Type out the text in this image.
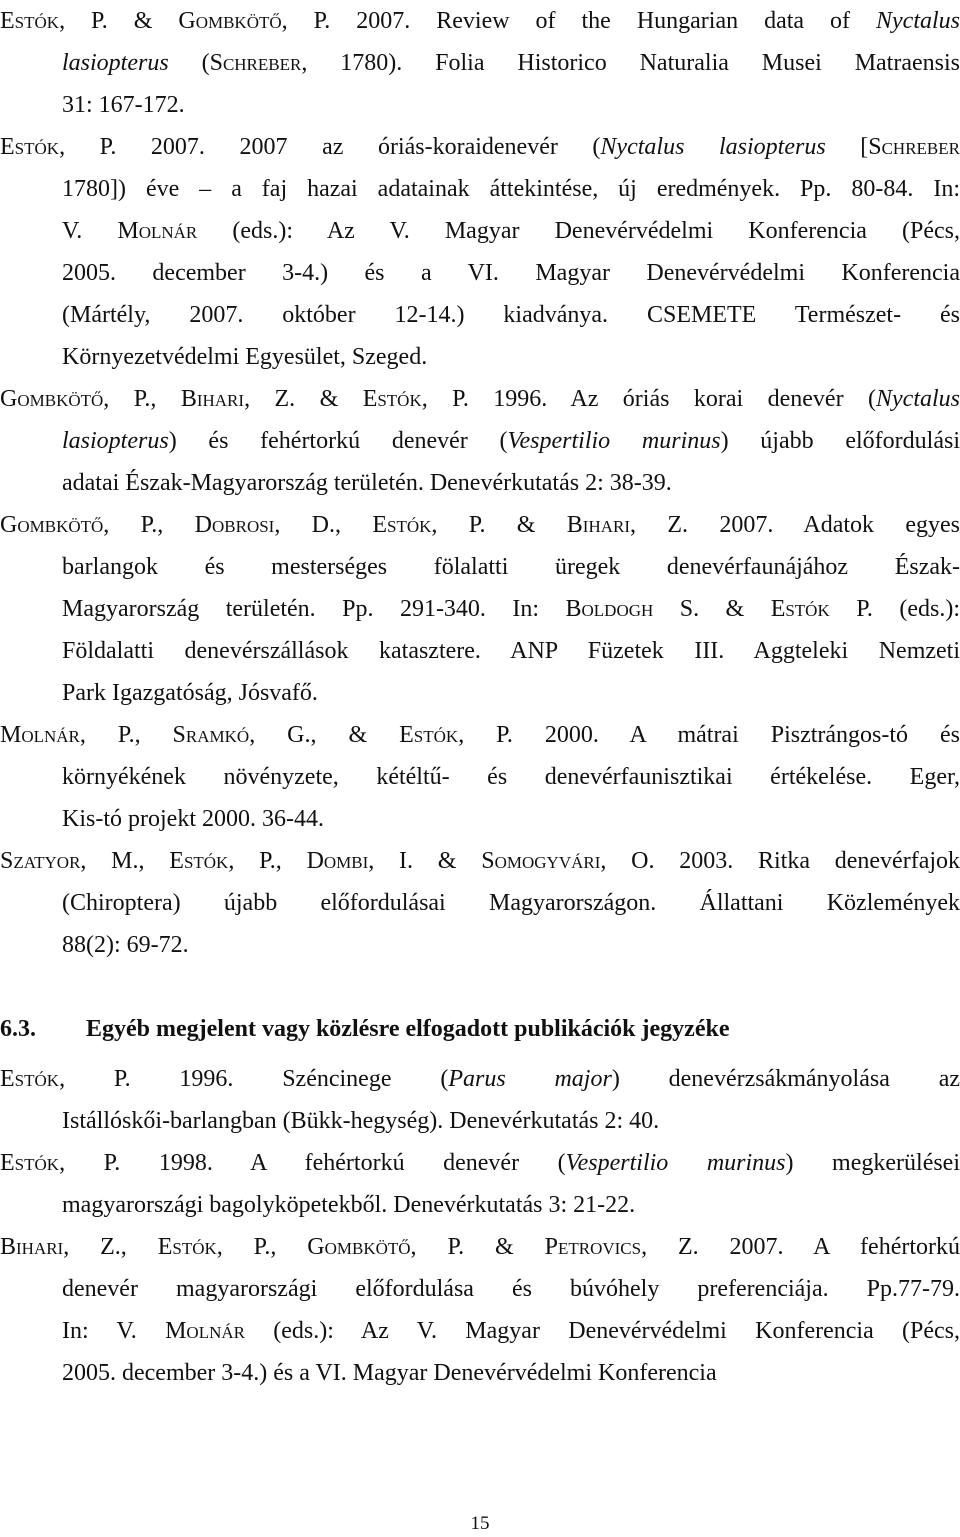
Estók, P. & Gombkötő, P. 2007. Review of the Hungarian data of Nyctalus
lasiopterus (Schreber, 1780). Folia Historico Naturalia Musei Matraensis
31: 167-172.
Estók, P. 2007. 2007 az óriás-koraidenevér (Nyctalus lasiopterus [Schreber
1780]) éve – a faj hazai adatainak áttekintése, új eredmények. Pp. 80-84. In:
V. Molnár (eds.): Az V. Magyar Denevérvédelmi Konferencia (Pécs,
2005. december 3-4.) és a VI. Magyar Denevérvédelmi Konferencia
(Mártély, 2007. október 12-14.) kiadványa. CSEMETE Természet- és
Környezetvédelmi Egyesület, Szeged.
Gombkötő, P., Bihari, Z. & Estók, P. 1996. Az óriás korai denevér (Nyctalus
lasiopterus) és fehértorkú denevér (Vespertilio murinus) újabb előfordulási
adatai Észak-Magyarország területén. Denevérkutatás 2: 38-39.
Gombkötő, P., Dobrosi, D., Estók, P. & Bihari, Z. 2007. Adatok egyes
barlangok és mesterséges fölalatti üregek denevérfaunájához Észak-
Magyarország területén. Pp. 291-340. In: Boldogh S. & Estók P. (eds.):
Földalatti denevérszállások katasztere. ANP Füzetek III. Aggteleki Nemzeti
Park Igazgatóság, Jósvafő.
Molnár, P., Sramkó, G., & Estók, P. 2000. A mátrai Pisztrángos-tó és
környékének növényzete, kétéltű- és denevérfaunisztikai értékelése. Eger,
Kis-tó projekt 2000. 36-44.
Szatyor, M., Estók, P., Dombi, I. & Somogyvári, O. 2003. Ritka denevérfajok
(Chiroptera) újabb előfordulásai Magyarországon. Állattani Közlemények
88(2): 69-72.
6.3. Egyéb megjelent vagy közlésre elfogadott publikációk jegyzéke
Estók, P. 1996. Széncinege (Parus major) denevérzsákmányolása az
Istállóskői-barlangban (Bükk-hegység). Denevérkutatás 2: 40.
Estók, P. 1998. A fehértorkú denevér (Vespertilio murinus) megkerülései
magyarországi bagolyköpetekből. Denevérkutatás 3: 21-22.
Bihari, Z., Estók, P., Gombkötő, P. & Petrovics, Z. 2007. A fehértorkú
denevér magyarországi előfordulása és búvóhely preferenciája. Pp.77-79.
In: V. Molnár (eds.): Az V. Magyar Denevérvédelmi Konferencia (Pécs,
2005. december 3-4.) és a VI. Magyar Denevérvédelmi Konferencia
15
